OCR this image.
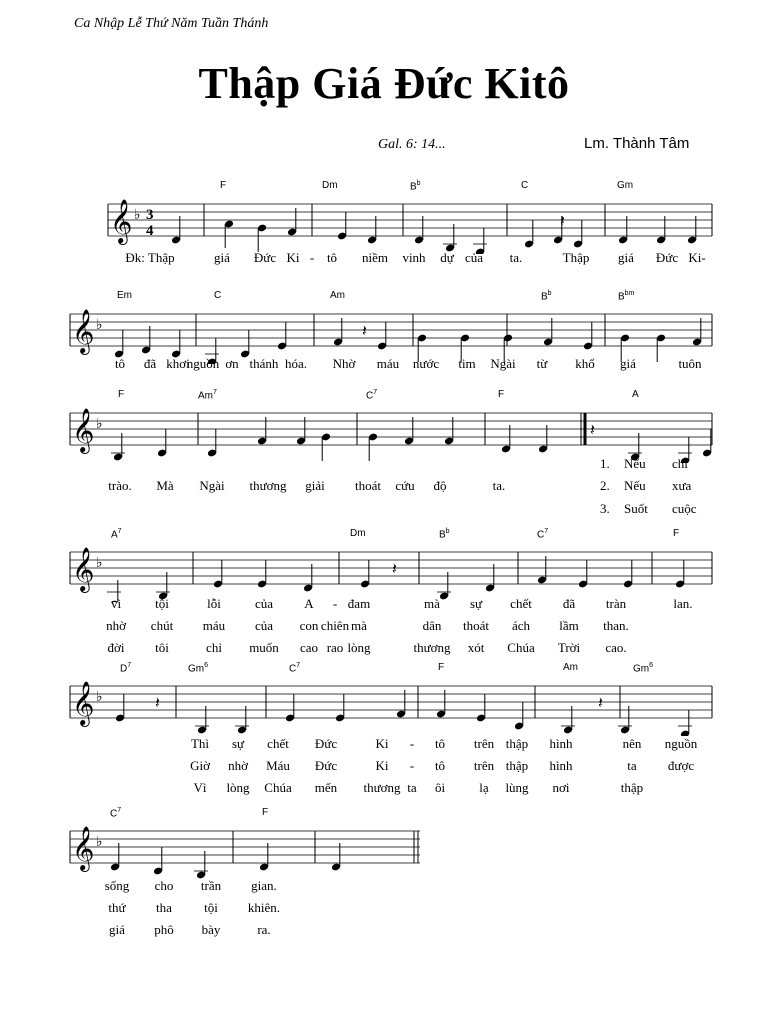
Ca Nhập Lễ Thứ Năm Tuần Thánh
Thập Giá Đức Kitô
Gal. 6: 14...	Lm. Thành Tâm
𝄞 ♭ 3
4
𝄽
F	Dm	$B^b$	C	Gm
Đk: Thập	giá Đức Ki - tô niềm vinh dự của ta.	Thập giá Đức Ki-
𝄞 ♭	𝄽
Em	C	Am	$B^b$	$B^{bm}$
tô đã khơi
nguồn ơn thánh hóa. Nhờ máu nước tim Ngài từ khổ giá	tuôn
𝄞 ♭	𝄽
F	Am$^7$	$C^7$	F	A
trào. Mà Ngài thương giải thoát cứu độ	ta.
1. Nếu chỉ
2. Nếu xưa
3. Suốt cuộc
𝄞 ♭	𝄽
$A^7$	Dm	$B^b$	$C^7$	F
vì	tội	lỗi	của A - đam	mà sự chết đã tràn	lan.
nhờ chút máu của con chiên mà	dân thoát ách lầm than.
đời tôi	chỉ muốn cao rao lòng	thương xót Chúa Trời cao.
𝄞 ♭	𝄽	𝄽
$D^7$	Gm$^6$	$C^7$	F	Am	Gm$^6$
Thì sự chết Đức	Ki - tô trên thập hình	nên nguồn
Giờ nhờ Máu Đức	Ki - tô trên thập hình	ta được
Vì lòng Chúa mến thương ta ôi	lạ lùng nơi	thập
𝄞 ♭
$C^7$	F
sống cho trần gian.
thứ tha tội khiên.
giá phô bày	ra.
